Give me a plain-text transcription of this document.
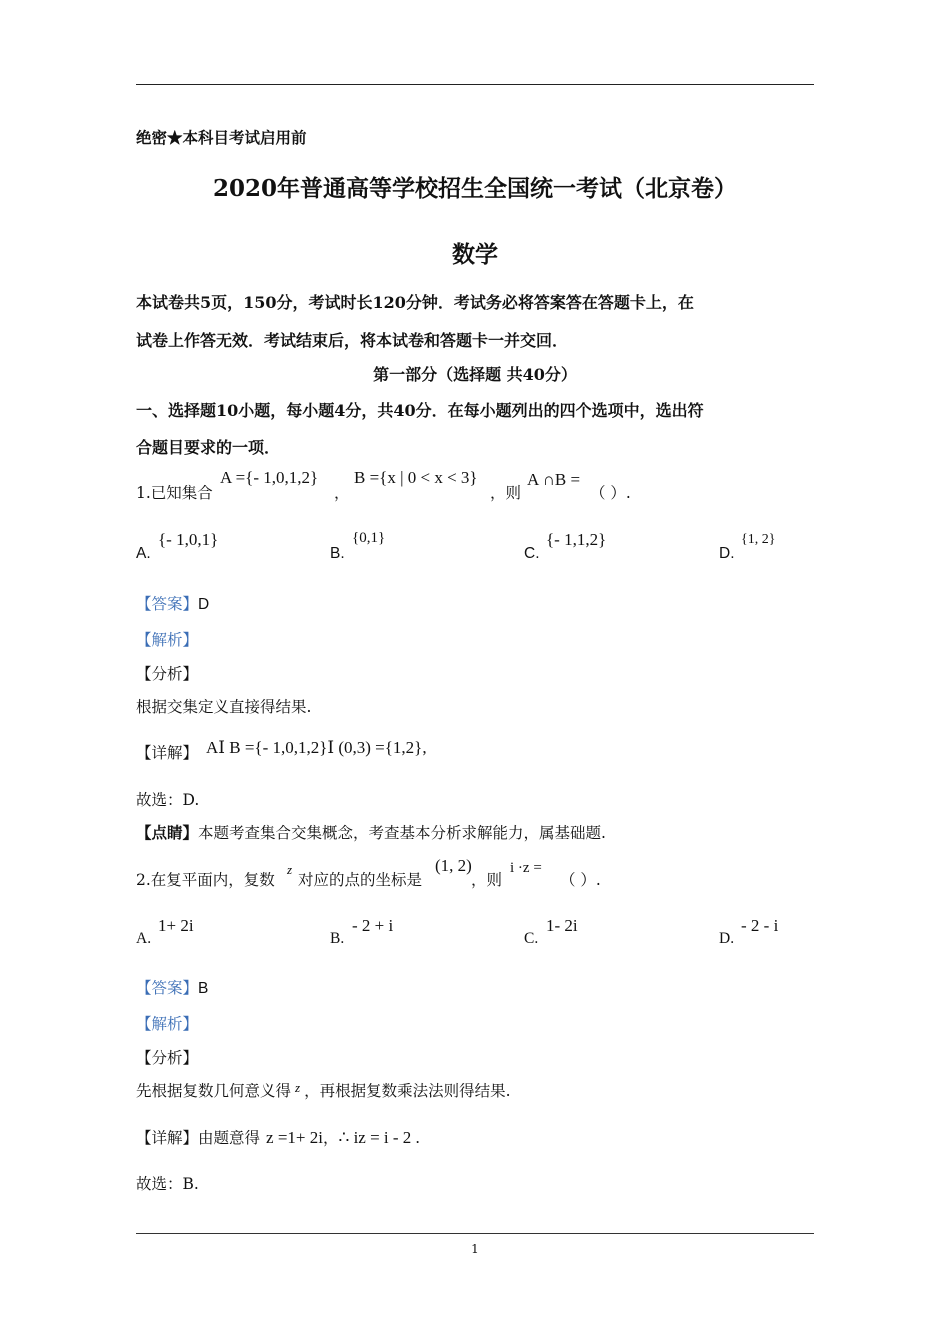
绝密★本科目考试启用前
2020年普通高等学校招生全国统一考试（北京卷）
数学
本试卷共5页，150分，考试时长120分钟．考试务必将答案答在答题卡上，在
试卷上作答无效．考试结束后，将本试卷和答题卡一并交回．
第一部分（选择题 共40分）
一、选择题10小题，每小题4分，共40分．在每小题列出的四个选项中，选出符
合题目要求的一项．
1.已知集合
A ={- 1,0,1,2}
，
B ={x | 0 < x < 3}
，则
A ∩B =
（ ）.
A.
{- 1,0,1}
B.
{0,1}
C.
{- 1,1,2}
D.
{1, 2}
【答案】D
【解析】
【分析】
根据交集定义直接得结果.
【详解】 AⅠ B ={- 1,0,1,2}Ⅰ (0,3) ={1,2},
故选：D.
【点睛】本题考查集合交集概念，考查基本分析求解能力，属基础题.
2.在复平面内，复数
z
对应的点的坐标是
(1, 2)
，则
i ·z =
（ ）.
A.
1+ 2i
B.
- 2 + i
C.
1- 2i
D.
- 2 - i
【答案】B
【解析】
【分析】
先根据复数几何意义得 $^z$ ，再根据复数乘法法则得结果.
【详解】由题意得 z =1+ 2i，∴ iz = i - 2 .
故选：B.
1
